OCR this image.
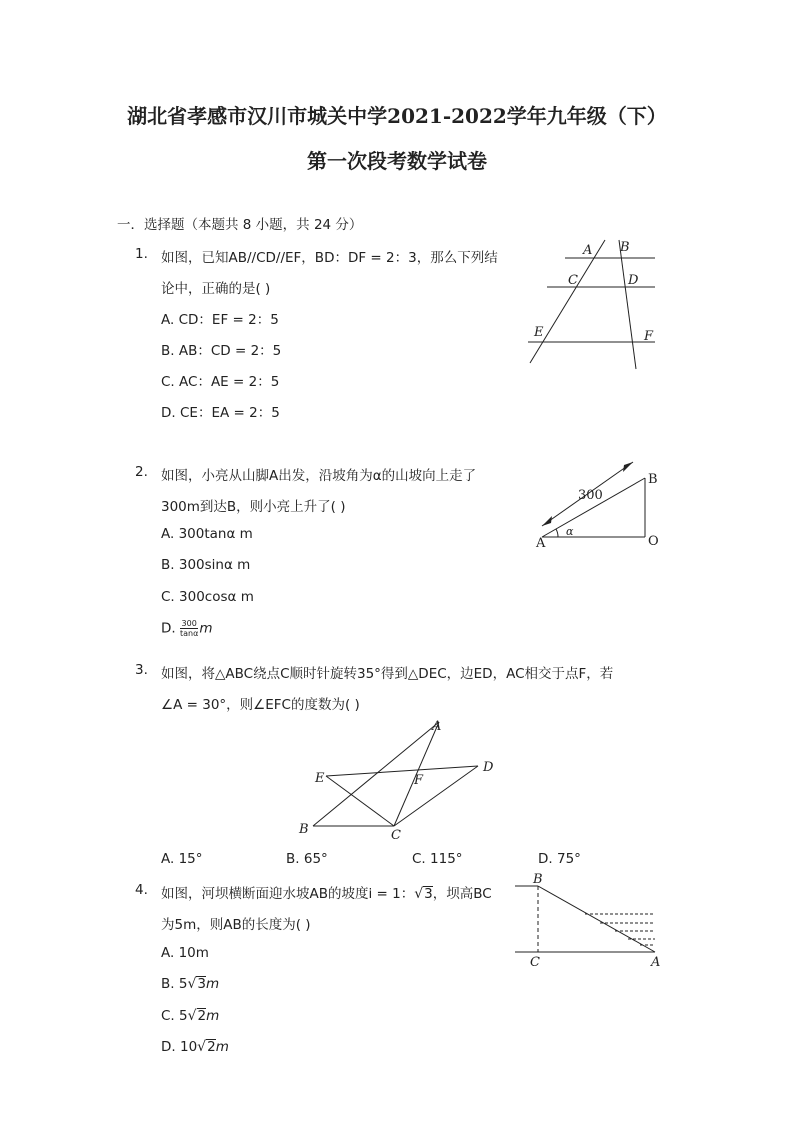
湖北省孝感市汉川市城关中学2021-2022学年九年级（下）
第一次段考数学试卷
一．选择题（本题共 8 小题，共 24 分）
1. 如图，已知AB//CD//EF，BD：DF = 2：3，那么下列结
论中，正确的是( )
A. CD：EF = 2：5
B. AB：CD = 2：5
C. AC：AE = 2：5
D. CE：EA = 2：5
A B
C	D
E	F
2. 如图，小亮从山脚A出发，沿坡角为α的山坡向上走了
300m到达B，则小亮上升了( )
A. 300tanα m
B. 300sinα m
C. 300cosα m
D. $\frac{300}{\tan\alpha}$ m
A
B
O
α
300
3. 如图，将△ABC绕点C顺时针旋转35°得到△DEC，边ED，AC相交于点F，若
∠A = 30°，则∠EFC的度数为( )
A
B	C
D
E	F
A. 15°	B. 65°	C. 115°	D. 75°
4. 如图，河坝横断面迎水坡AB的坡度i = 1：√3，坝高BC
为5m，则AB的长度为( )
A. 10m
B. 5√3m
C. 5√2m
D. 10√2m
B
C	A
